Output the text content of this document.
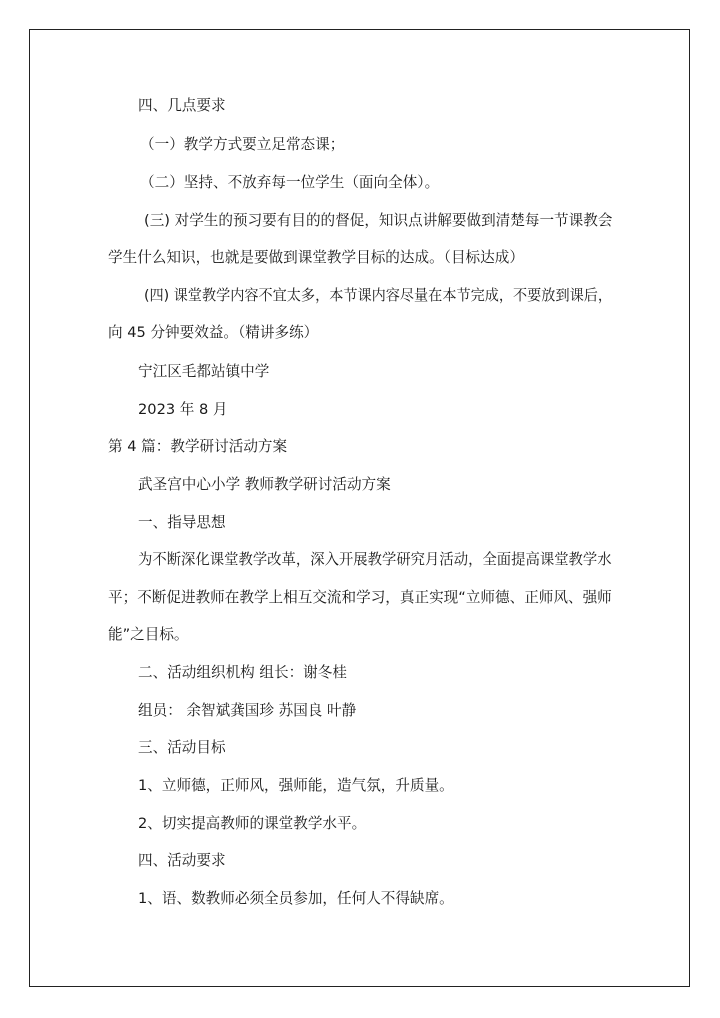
四、几点要求
（一）教学方式要立足常态课；
（二）坚持、不放弃每一位学生（面向全体）。
(三) 对学生的预习要有目的的督促，知识点讲解要做到清楚每一节课教会
学生什么知识，也就是要做到课堂教学目标的达成。（目标达成）
(四) 课堂教学内容不宜太多，本节课内容尽量在本节完成，不要放到课后，
向 45 分钟要效益。（精讲多练）
宁江区毛都站镇中学
2023 年 8 月
第 4 篇：教学研讨活动方案
武圣宫中心小学 教师教学研讨活动方案
一、指导思想
为不断深化课堂教学改革，深入开展教学研究月活动，全面提高课堂教学水
平；不断促进教师在教学上相互交流和学习，真正实现“立师德、正师风、强师
能”之目标。
二、活动组织机构 组长：谢冬桂
组员： 余智斌龚国珍 苏国良 叶静
三、活动目标
1、立师德，正师风，强师能，造气氛，升质量。
2、切实提高教师的课堂教学水平。
四、活动要求
1、语、数教师必须全员参加，任何人不得缺席。
